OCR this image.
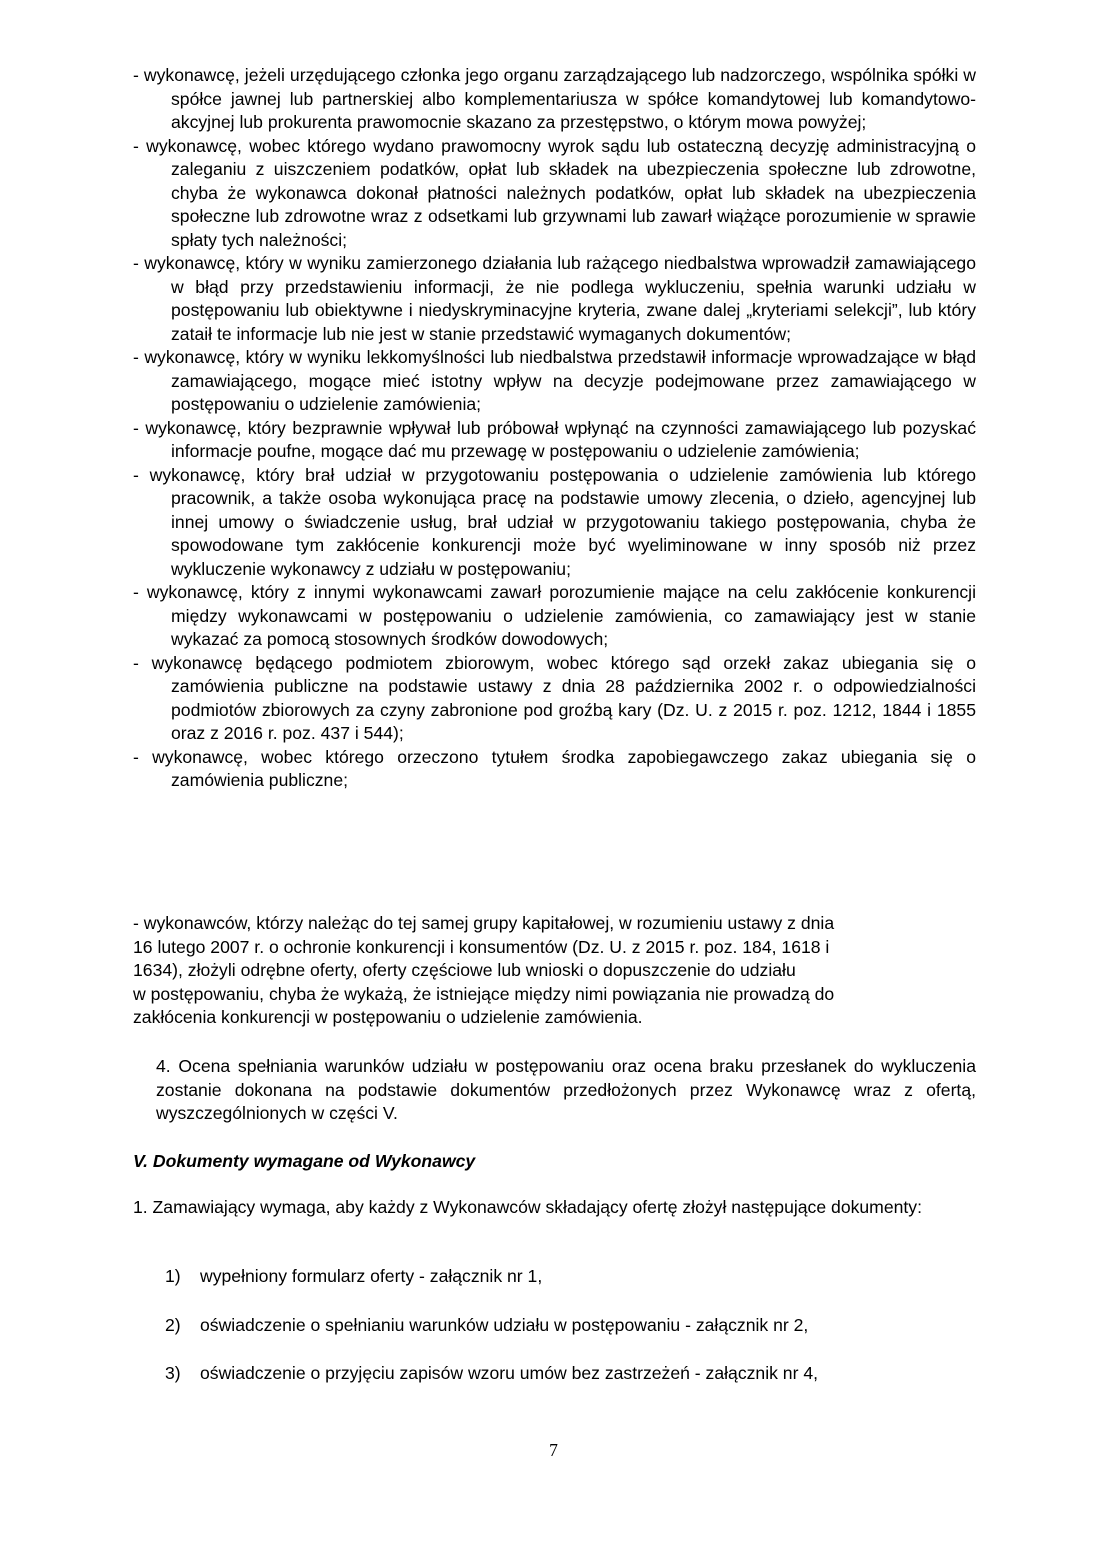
- wykonawcę, jeżeli urzędującego członka jego organu zarządzającego lub nadzorczego, wspólnika spółki w spółce jawnej lub partnerskiej albo komplementariusza w spółce komandytowej lub komandytowo-akcyjnej lub prokurenta prawomocnie skazano za przestępstwo, o którym mowa powyżej;

- wykonawcę, wobec którego wydano prawomocny wyrok sądu lub ostateczną decyzję administracyjną o zaleganiu z uiszczeniem podatków, opłat lub składek na ubezpieczenia społeczne lub zdrowotne, chyba że wykonawca dokonał płatności należnych podatków, opłat lub składek na ubezpieczenia społeczne lub zdrowotne wraz z odsetkami lub grzywnami lub zawarł wiążące porozumienie w sprawie spłaty tych należności;

- wykonawcę, który w wyniku zamierzonego działania lub rażącego niedbalstwa wprowadził zamawiającego w błąd przy przedstawieniu informacji, że nie podlega wykluczeniu, spełnia warunki udziału w postępowaniu lub obiektywne i niedyskryminacyjne kryteria, zwane dalej „kryteriami selekcji”, lub który zataił te informacje lub nie jest w stanie przedstawić wymaganych dokumentów;

- wykonawcę, który w wyniku lekkomyślności lub niedbalstwa przedstawił informacje wprowadzające w błąd zamawiającego, mogące mieć istotny wpływ na decyzje podejmowane przez zamawiającego w postępowaniu o udzielenie zamówienia;

- wykonawcę, który bezprawnie wpływał lub próbował wpłynąć na czynności zamawiającego lub pozyskać informacje poufne, mogące dać mu przewagę w postępowaniu o udzielenie zamówienia;

- wykonawcę, który brał udział w przygotowaniu postępowania o udzielenie zamówienia lub którego pracownik, a także osoba wykonująca pracę na podstawie umowy zlecenia, o dzieło, agencyjnej lub innej umowy o świadczenie usług, brał udział w przygotowaniu takiego postępowania, chyba że spowodowane tym zakłócenie konkurencji może być wyeliminowane w inny sposób niż przez wykluczenie wykonawcy z udziału w postępowaniu;

- wykonawcę, który z innymi wykonawcami zawarł porozumienie mające na celu zakłócenie konkurencji między wykonawcami w postępowaniu o udzielenie zamówienia, co zamawiający jest w stanie wykazać za pomocą stosownych środków dowodowych;

- wykonawcę będącego podmiotem zbiorowym, wobec którego sąd orzekł zakaz ubiegania się o zamówienia publiczne na podstawie ustawy z dnia 28 października 2002 r. o odpowiedzialności podmiotów zbiorowych za czyny zabronione pod groźbą kary (Dz. U. z 2015 r. poz. 1212, 1844 i 1855 oraz z 2016 r. poz. 437 i 544);

- wykonawcę, wobec którego orzeczono tytułem środka zapobiegawczego zakaz ubiegania się o zamówienia publiczne;

- wykonawców, którzy należąc do tej samej grupy kapitałowej, w rozumieniu ustawy z dnia
16 lutego 2007 r. o ochronie konkurencji i konsumentów (Dz. U. z 2015 r. poz. 184, 1618 i
1634), złożyli odrębne oferty, oferty częściowe lub wnioski o dopuszczenie do udziału
w postępowaniu, chyba że wykażą, że istniejące między nimi powiązania nie prowadzą do
zakłócenia konkurencji w postępowaniu o udzielenie zamówienia.

4. Ocena spełniania warunków udziału w postępowaniu oraz ocena braku przesłanek do wykluczenia zostanie dokonana na podstawie dokumentów przedłożonych przez Wykonawcę wraz z ofertą, wyszczególnionych w części V.

V. Dokumenty wymagane od Wykonawcy

1. Zamawiający wymaga, aby każdy z Wykonawców składający ofertę złożył następujące dokumenty:

1) wypełniony formularz oferty - załącznik nr 1,

2) oświadczenie o spełnianiu warunków udziału w postępowaniu - załącznik nr 2,

3) oświadczenie o przyjęciu zapisów wzoru umów bez zastrzeżeń - załącznik nr 4,

7
